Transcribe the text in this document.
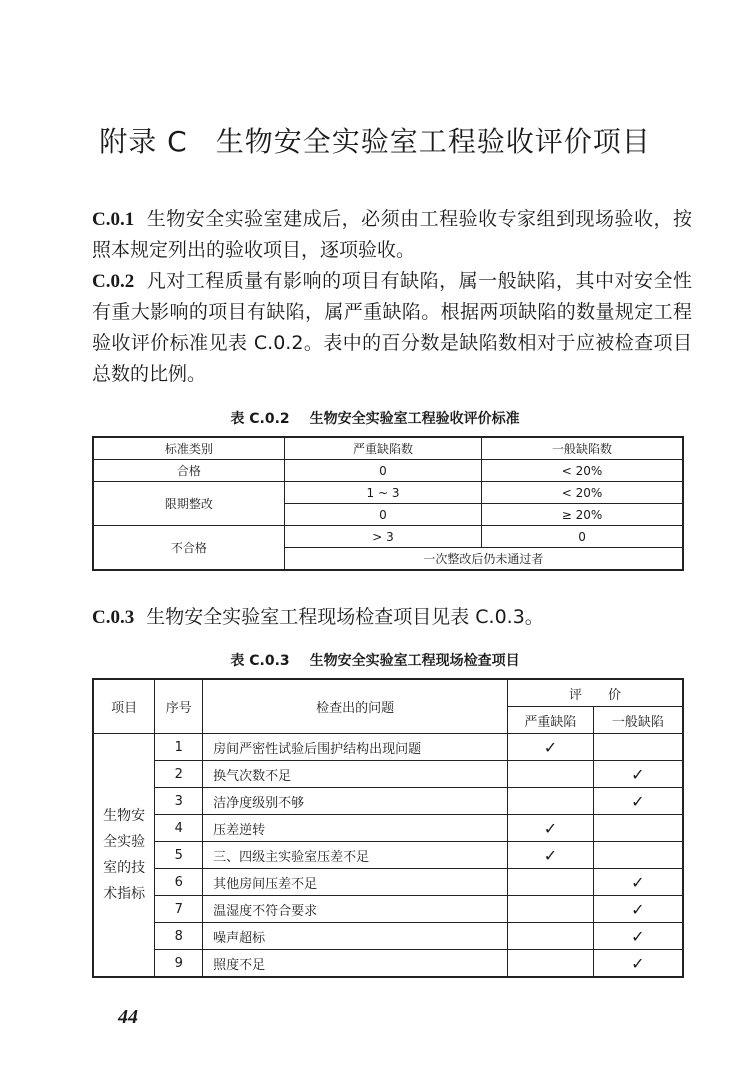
附录 C 生物安全实验室工程验收评价项目
C.0.1 生物安全实验室建成后，必须由工程验收专家组到现场验收，按照本规定列出的验收项目，逐项验收。
C.0.2 凡对工程质量有影响的项目有缺陷，属一般缺陷，其中对安全性有重大影响的项目有缺陷，属严重缺陷。根据两项缺陷的数量规定工程验收评价标准见表 C.0.2。表中的百分数是缺陷数相对于应被检查项目总数的比例。
表 C.0.2 生物安全实验室工程验收评价标准
标准类别	严重缺陷数	一般缺陷数
合格	0	< 20%
限期整改	1 ~ 3	< 20%
	0	≥ 20%
不合格	> 3	0
	一次整改后仍未通过者	
C.0.3 生物安全实验室工程现场检查项目见表 C.0.3。
表 C.0.3 生物安全实验室工程现场检查项目
项目	序号	检查出的问题	评　　价	
			严重缺陷	一般缺陷
生物安全实验室的技术指标	1	房间严密性试验后围护结构出现问题	✓	
	2	换气次数不足		✓
	3	洁净度级别不够		✓
	4	压差逆转	✓	
	5	三、四级主实验室压差不足	✓	
	6	其他房间压差不足		✓
	7	温湿度不符合要求		✓
	8	噪声超标		✓
	9	照度不足		✓
44
